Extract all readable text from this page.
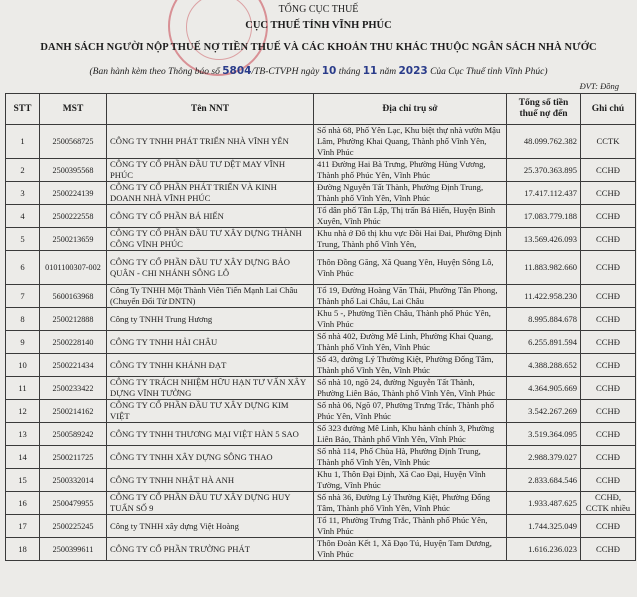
TỔNG CỤC THUẾ
CỤC THUẾ TỈNH VĨNH PHÚC
DANH SÁCH NGƯỜI NỘP THUẾ NỢ TIỀN THUẾ VÀ CÁC KHOẢN THU KHÁC THUỘC NGÂN SÁCH NHÀ NƯỚC
(Ban hành kèm theo Thông báo số 5804/TB-CTVPH ngày 10 tháng 11 năm 2023 Của Cục Thuế tỉnh Vĩnh Phúc)
ĐVT: Đồng
STT	MST	Tên NNT	Địa chỉ trụ sở	Tổng số tiền thuế nợ đến	Ghi chú
1	2500568725	CÔNG TY TNHH PHÁT TRIỂN NHÀ VĨNH YÊN	Số nhà 68, Phố Yên Lạc, Khu biệt thự nhà vườn Mậu Lâm, Phường Khai Quang, Thành phố Vĩnh Yên, Vĩnh Phúc	48.099.762.382	CCTK
2	2500395568	CÔNG TY CỔ PHẦN ĐẦU TƯ DỆT MAY VĨNH PHÚC	411 Đường Hai Bà Trưng, Phường Hùng Vương, Thành phố Phúc Yên, Vĩnh Phúc	25.370.363.895	CCHĐ
3	2500224139	CÔNG TY CỔ PHẦN PHÁT TRIỂN VÀ KINH DOANH NHÀ VĨNH PHÚC	Đường Nguyễn Tất Thành, Phường Định Trung, Thành phố Vĩnh Yên, Vĩnh Phúc	17.417.112.437	CCHĐ
4	2500222558	CÔNG TY CỔ PHẦN BÁ HIẾN	Tổ dân phố Tân Lập, Thị trấn Bá Hiến, Huyện Bình Xuyên, Vĩnh Phúc	17.083.779.188	CCHĐ
5	2500213659	CÔNG TY CỔ PHẦN ĐẦU TƯ XÂY DỰNG THÀNH CÔNG VĨNH PHÚC	Khu nhà ở Đô thị khu vực Đồi Hai Đai, Phường Định Trung, Thành phố Vĩnh Yên,	13.569.426.093	CCHĐ
6	0101100307-002	CÔNG TY CỔ PHẦN ĐẦU TƯ XÂY DỰNG BẢO QUÂN - CHI NHÁNH SÔNG LÔ	Thôn Đồng Găng, Xã Quang Yên, Huyện Sông Lô, Vĩnh Phúc	11.883.982.660	CCHĐ
7	5600163968	Công Ty TNHH Một Thành Viên Tiến Mạnh Lai Châu (Chuyển Đổi Từ DNTN)	Tổ 19, Đường Hoàng Văn Thái, Phường Tân Phong, Thành phố Lai Châu, Lai Châu	11.422.958.230	CCHĐ
8	2500212888	Công ty TNHH Trung Hương	Khu 5 -, Phường Tiền Châu, Thành phố Phúc Yên, Vĩnh Phúc	8.995.884.678	CCHĐ
9	2500228140	CÔNG TY TNHH HẢI CHÂU	Số nhà 402, Đường Mê Linh, Phường Khai Quang, Thành phố Vĩnh Yên, Vĩnh Phúc	6.255.891.594	CCHĐ
10	2500221434	CÔNG TY TNHH KHÁNH ĐẠT	Số 43, đường Lý Thường Kiệt, Phường Đống Tâm, Thành phố Vĩnh Yên, Vĩnh Phúc	4.388.288.652	CCHĐ
11	2500233422	CÔNG TY TRÁCH NHIỆM HỮU HẠN TƯ VẤN XÂY DỰNG VĨNH TƯỜNG	Số nhà 10, ngõ 24, đường Nguyễn Tất Thành, Phường Liên Bảo, Thành phố Vĩnh Yên, Vĩnh Phúc	4.364.905.669	CCHĐ
12	2500214162	CÔNG TY CỔ PHẦN ĐẦU TƯ XÂY DỰNG KIM VIỆT	Số nhà 06, Ngõ 07, Phường Trưng Trắc, Thành phố Phúc Yên, Vĩnh Phúc	3.542.267.269	CCHĐ
13	2500589242	CÔNG TY TNHH THƯƠNG MẠI VIỆT HÀN 5 SAO	Số 323 đường Mê Linh, Khu hành chính 3, Phường Liên Bảo, Thành phố Vĩnh Yên, Vĩnh Phúc	3.519.364.095	CCHĐ
14	2500211725	CÔNG TY TNHH XÂY DỰNG SÔNG THAO	Số nhà 114, Phố Chùa Hà, Phường Định Trung, Thành phố Vĩnh Yên, Vĩnh Phúc	2.988.379.027	CCHĐ
15	2500332014	CÔNG TY TNHH NHẬT HÀ ANH	Khu 1, Thôn Đại Định, Xã Cao Đại, Huyện Vĩnh Tường, Vĩnh Phúc	2.833.684.546	CCHĐ
16	2500479955	CÔNG TY CỔ PHẦN ĐẦU TƯ XÂY DỰNG HUY TUẤN SỐ 9	Số nhà 36, Đường Lý Thường Kiệt, Phường Đống Tâm, Thành phố Vĩnh Yên, Vĩnh Phúc	1.933.487.625	CCHĐ, CCTK nhiều
17	2500225245	Công ty TNHH xây dựng Việt Hoàng	Tổ 11, Phường Trưng Trắc, Thành phố Phúc Yên, Vĩnh Phúc	1.744.325.049	CCHĐ
18	2500399611	CÔNG TY CỔ PHẦN TRƯỜNG PHÁT	Thôn Đoàn Kết 1, Xã Đạo Tú, Huyện Tam Dương, Vĩnh Phúc	1.616.236.023	CCHĐ
